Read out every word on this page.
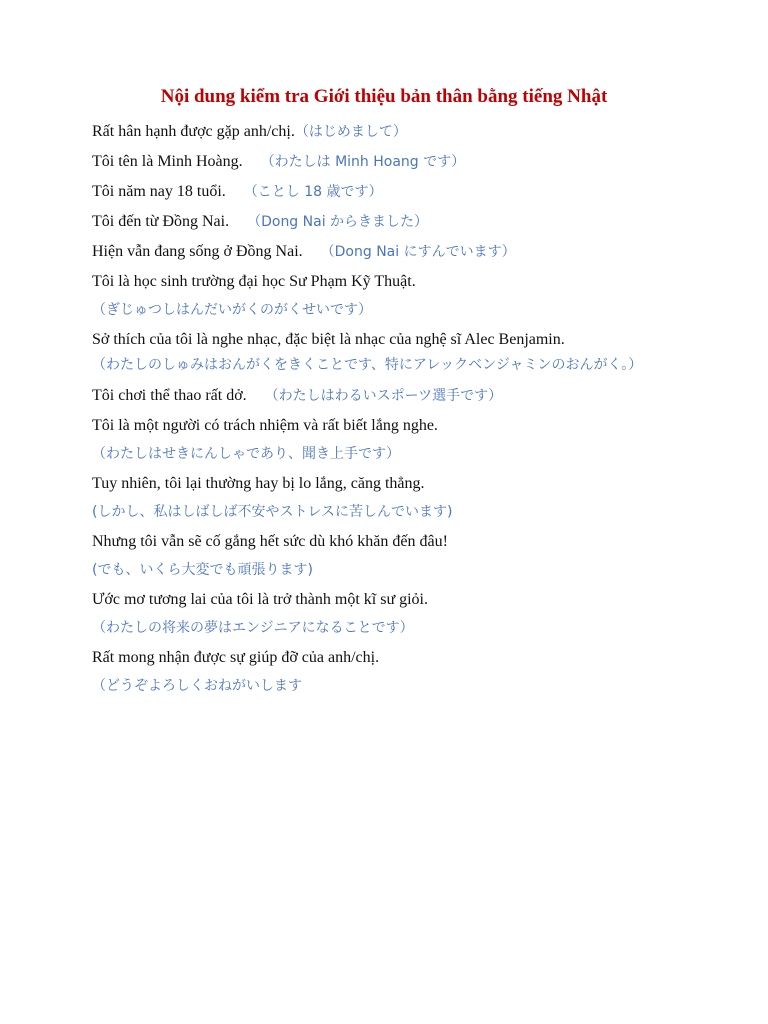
Nội dung kiểm tra Giới thiệu bản thân bằng tiếng Nhật
Rất hân hạnh được gặp anh/chị.（はじめまして）
Tôi tên là Minh Hoàng. （わたしは Minh Hoang です）
Tôi năm nay 18 tuổi. （ことし 18 歳です）
Tôi đến từ Đồng Nai. （Dong Nai からきました）
Hiện vẫn đang sống ở Đồng Nai. （Dong Nai にすんでいます）
Tôi là học sinh trường đại học Sư Phạm Kỹ Thuật.
（ぎじゅつしはんだいがくのがくせいです）
Sở thích của tôi là nghe nhạc, đặc biệt là nhạc của nghệ sĩ Alec Benjamin.
（わたしのしゅみはおんがくをきくことです、特にアレックベンジャミンのおんがく。）
Tôi chơi thể thao rất dở. （わたしはわるいスポーツ選手です）
Tôi là một người có trách nhiệm và rất biết lắng nghe.
（わたしはせきにんしゃであり、聞き上手です）
Tuy nhiên, tôi lại thường hay bị lo lắng, căng thẳng.
(しかし、私はしばしば不安やストレスに苦しんでいます)
Nhưng tôi vẫn sẽ cố gắng hết sức dù khó khăn đến đâu!
(でも、いくら大変でも頑張ります)
Ước mơ tương lai của tôi là trở thành một kĩ sư giỏi.
（わたしの将来の夢はエンジニアになることです）
Rất mong nhận được sự giúp đỡ của anh/chị.
（どうぞよろしくおねがいします
